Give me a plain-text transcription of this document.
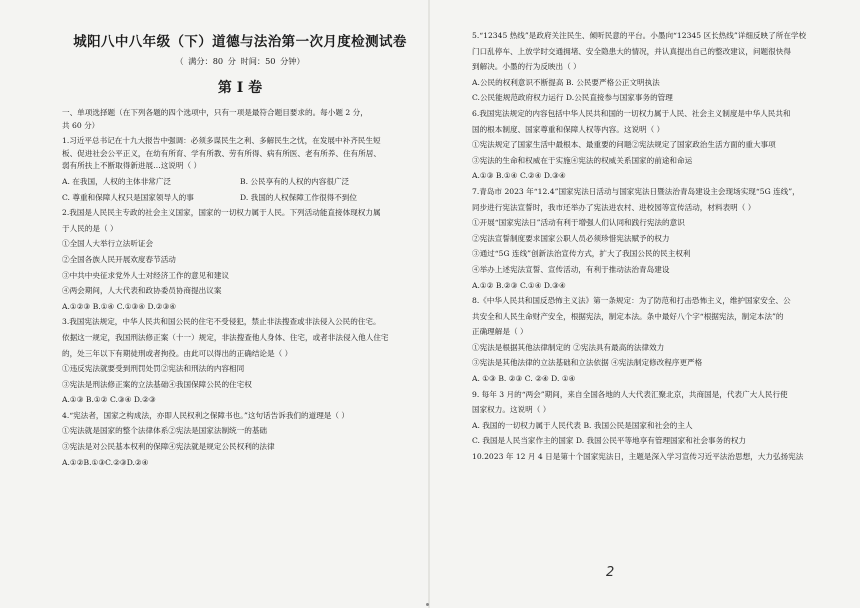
城阳八中八年级（下）道德与法治第一次月度检测试卷
（ 满分：80 分 时间：50 分钟）
第 Ⅰ 卷
一、单项选择题（在下列各题的四个选项中，只有一项是最符合题目要求的。每小题 2 分，
共 60 分）
1.习近平总书记在十九大报告中强调：必须多谋民生之利、多解民生之忧，在发展中补齐民生短
板、促进社会公平正义，在幼有所育、学有所教、劳有所得、病有所医、老有所养、住有所居、
弱有所扶上不断取得新进展…这说明（ ）
A. 在我国，人权的主体非常广泛	B. 公民享有的人权的内容很广泛
C. 尊重和保障人权只是国家领导人的事	D. 我国的人权保障工作很得不到位
2.我国是人民民主专政的社会主义国家，国家的一切权力属于人民。下列活动能直接体现权力属
于人民的是（ ）
①全国人大举行立法听证会
②全国各族人民开展欢度春节活动
③中共中央征求党外人士对经济工作的意见和建议
④两会期间，人大代表和政协委员协商提出议案
A.①②③ B.①④ C.①③④ D.②③④
3.我国宪法规定，中华人民共和国公民的住宅不受侵犯，禁止非法搜查或非法侵入公民的住宅。
依据这一规定，我国刑法修正案（十一）规定，非法搜查他人身体、住宅，或者非法侵入他人住宅
的，处三年以下有期徒刑或者拘役。由此可以得出的正确结论是（ ）
①违反宪法就要受到刑罚处罚②宪法和刑法的内容相同
③宪法是刑法修正案的立法基础④我国保障公民的住宅权
A.①③ B.①② C.③④ D.②③
4.“宪法者，国家之构成法，亦即人民权利之保障书也。”这句话告诉我们的道理是（ ）
①宪法就是国家的整个法律体系②宪法是国家法制统一的基础
③宪法是对公民基本权利的保障④宪法就是规定公民权利的法律
A.①②B.①③C.②③D.②④
5.“12345 热线”是政府关注民生、倾听民意的平台。小墨向“12345 区长热线”详细反映了所在学校
门口乱停车、上放学时交通拥堵、安全隐患大的情况，并认真提出自己的整改建议，问题很快得
到解决。小墨的行为反映出（ ）
A.公民的权利意识不断提高 B. 公民要严格公正文明执法
C.公民能规范政府权力运行 D.公民直接参与国家事务的管理
6.我国宪法规定的内容包括中华人民共和国的一切权力属于人民、社会主义制度是中华人民共和
国的根本制度、国家尊重和保障人权等内容。这说明（ ）
①宪法规定了国家生活中最根本、最重要的问题②宪法规定了国家政治生活方面的重大事项
③宪法的生命和权威在于实施④宪法的权威关系国家的前途和命运
A.①③ B.①④ C.②④ D.③④
7.青岛市 2023 年“12.4”国家宪法日活动与国家宪法日暨法治青岛建设主会现场实现“5G 连线”，
同步进行宪法宣誓时，我市还举办了宪法进农村、进校园等宣传活动，材料表明（ ）
①开展“国家宪法日”活动有利于增强人们认同和践行宪法的意识
②宪法宣誓制度要求国家公职人员必须珍惜宪法赋予的权力
③通过“5G 连线”创新法治宣传方式，扩大了我国公民的民主权利
④举办上述宪法宣誓、宣传活动，有利于推动法治青岛建设
A.①② B.②③ C.①④ D.③④
8.《中华人民共和国反恐怖主义法》第一条规定：为了防范和打击恐怖主义，维护国家安全、公
共安全和人民生命财产安全，根据宪法，制定本法。条中最好八个字“根据宪法，制定本法”的
正确理解是（ ）
①宪法是根据其他法律制定的 ②宪法具有最高的法律效力
③宪法是其他法律的立法基础和立法依据 ④宪法制定修改程序更严格
A. ①③ B. ②③ C. ②④ D. ①④
9. 每年 3 月的“两会”期间，来自全国各地的人大代表汇聚北京，共商国是，代表广大人民行使
国家权力。这说明（ ）
A. 我国的一切权力属于人民代表 B. 我国公民是国家和社会的主人
C. 我国是人民当家作主的国家 D. 我国公民平等地享有管理国家和社会事务的权力
10.2023 年 12 月 4 日是第十个国家宪法日，主题是深入学习宣传习近平法治思想，大力弘扬宪法
2
